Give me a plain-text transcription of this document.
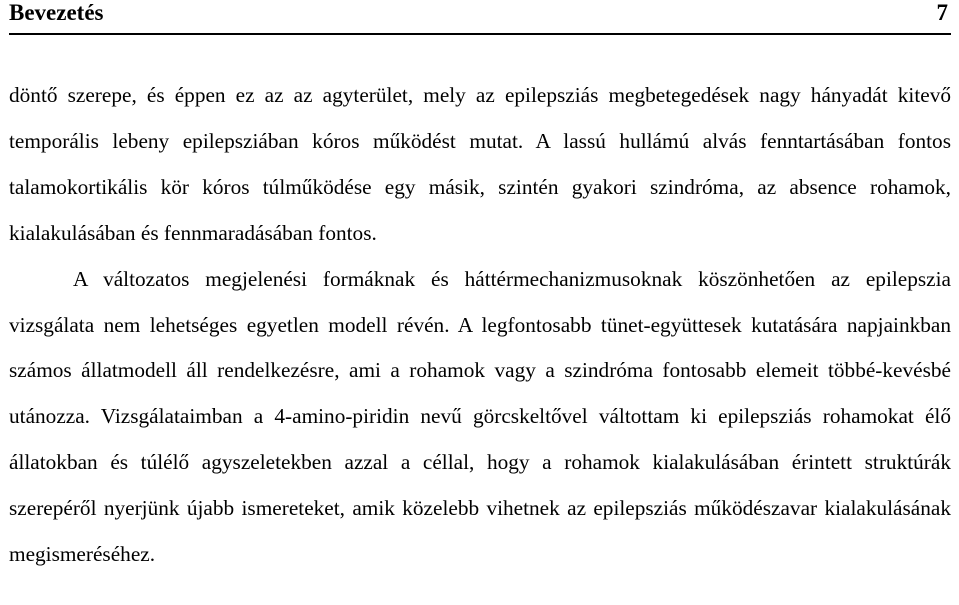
Bevezetés	7

döntő szerepe, és éppen ez az az agyterület, mely az epilepsziás megbetegedések nagy hányadát kitevő temporális lebeny epilepsziában kóros működést mutat. A lassú hullámú alvás fenntartásában fontos talamokortikális kör kóros túlműködése egy másik, szintén gyakori szindróma, az absence rohamok, kialakulásában és fennmaradásában fontos.

A változatos megjelenési formáknak és háttérmechanizmusoknak köszönhetően az epilepszia vizsgálata nem lehetséges egyetlen modell révén. A legfontosabb tünet-együttesek kutatására napjainkban számos állatmodell áll rendelkezésre, ami a rohamok vagy a szindróma fontosabb elemeit többé-kevésbé utánozza. Vizsgálataimban a 4-amino-piridin nevű görcskeltővel váltottam ki epilepsziás rohamokat élő állatokban és túlélő agyszeletekben azzal a céllal, hogy a rohamok kialakulásában érintett struktúrák szerepéről nyerjünk újabb ismereteket, amik közelebb vihetnek az epilepsziás működészavar kialakulásának megismeréséhez.
